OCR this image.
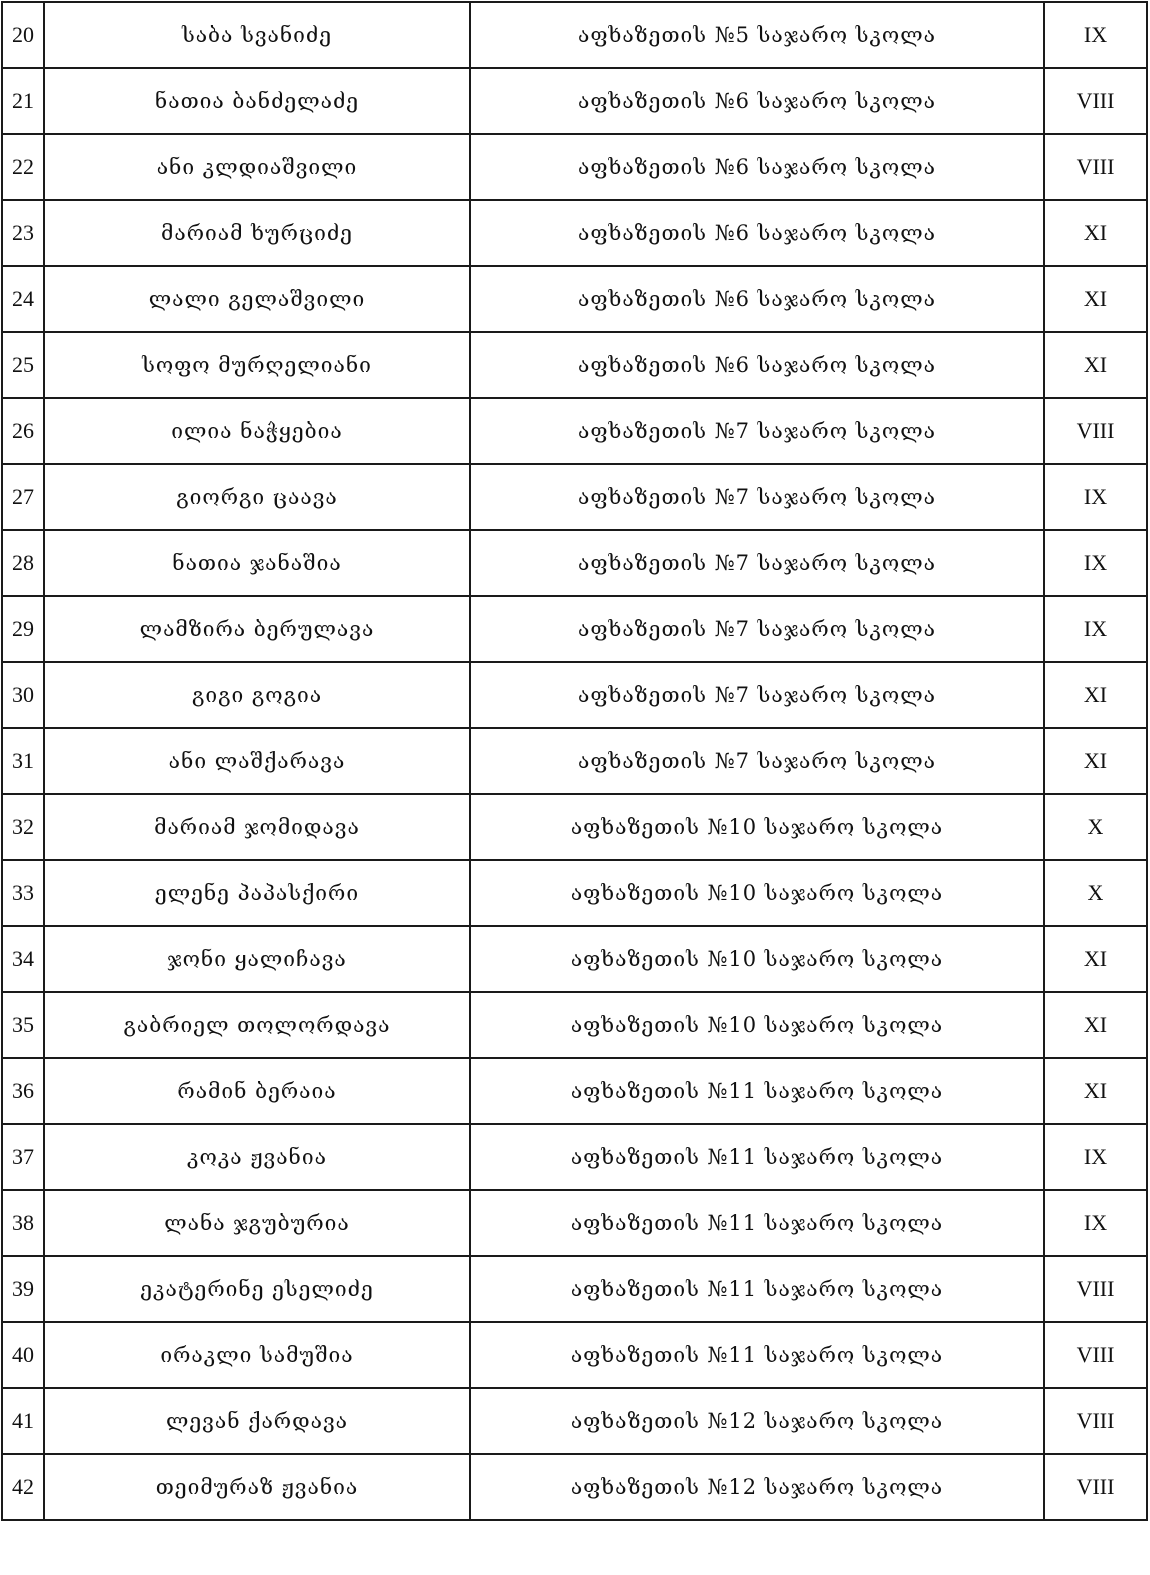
20	საბა სვანიძე	აფხაზეთის №5 საჯარო სკოლა	IX
21	ნათია ბანძელაძე	აფხაზეთის №6 საჯარო სკოლა	VIII
22	ანი კლდიაშვილი	აფხაზეთის №6 საჯარო სკოლა	VIII
23	მარიამ ხურციძე	აფხაზეთის №6 საჯარო სკოლა	XI
24	ლალი გელაშვილი	აფხაზეთის №6 საჯარო სკოლა	XI
25	სოფო მურღელიანი	აფხაზეთის №6 საჯარო სკოლა	XI
26	ილია ნაჭყებია	აფხაზეთის №7 საჯარო სკოლა	VIII
27	გიორგი ცაავა	აფხაზეთის №7 საჯარო სკოლა	IX
28	ნათია ჯანაშია	აფხაზეთის №7 საჯარო სკოლა	IX
29	ლამზირა ბერულავა	აფხაზეთის №7 საჯარო სკოლა	IX
30	გიგი გოგია	აფხაზეთის №7 საჯარო სკოლა	XI
31	ანი ლაშქარავა	აფხაზეთის №7 საჯარო სკოლა	XI
32	მარიამ ჯომიდავა	აფხაზეთის №10 საჯარო სკოლა	X
33	ელენე პაპასქირი	აფხაზეთის №10 საჯარო სკოლა	X
34	ჯონი ყალიჩავა	აფხაზეთის №10 საჯარო სკოლა	XI
35	გაბრიელ თოლორდავა	აფხაზეთის №10 საჯარო სკოლა	XI
36	რამინ ბერაია	აფხაზეთის №11 საჯარო სკოლა	XI
37	კოკა ჟვანია	აფხაზეთის №11 საჯარო სკოლა	IX
38	ლანა ჯგუბურია	აფხაზეთის №11 საჯარო სკოლა	IX
39	ეკატერინე ესელიძე	აფხაზეთის №11 საჯარო სკოლა	VIII
40	ირაკლი სამუშია	აფხაზეთის №11 საჯარო სკოლა	VIII
41	ლევან ქარდავა	აფხაზეთის №12 საჯარო სკოლა	VIII
42	თეიმურაზ ჟვანია	აფხაზეთის №12 საჯარო სკოლა	VIII
